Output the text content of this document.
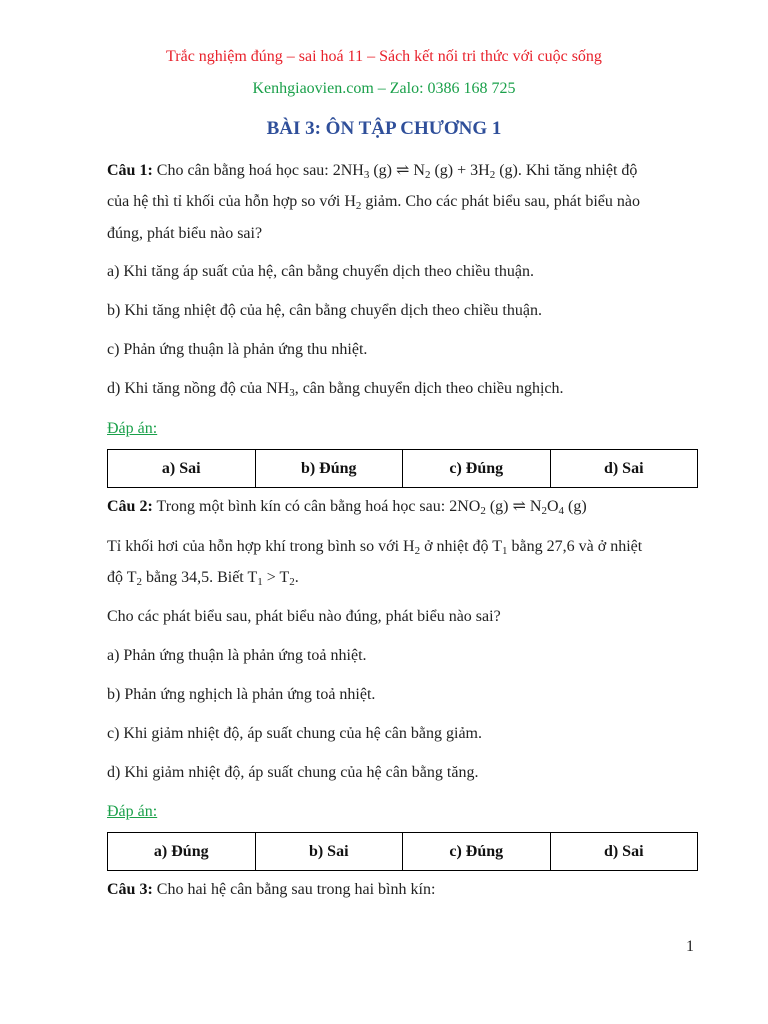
Trắc nghiệm đúng – sai hoá 11 – Sách kết nối tri thức với cuộc sống
Kenhgiaovien.com – Zalo: 0386 168 725
BÀI 3: ÔN TẬP CHƯƠNG 1
Câu 1: Cho cân bằng hoá học sau: $2NH_3$ (g) ⇌ $N_2$ $(g) + 3H_2$ (g). Khi tăng nhiệt độ
của hệ thì tỉ khối của hỗn hợp so với $H_2$ giảm. Cho các phát biểu sau, phát biểu nào
đúng, phát biểu nào sai?
a) Khi tăng áp suất của hệ, cân bằng chuyển dịch theo chiều thuận.
b) Khi tăng nhiệt độ của hệ, cân bằng chuyển dịch theo chiều thuận.
c) Phản ứng thuận là phản ứng thu nhiệt.
d) Khi tăng nồng độ của $NH_3$, cân bằng chuyển dịch theo chiều nghịch.
Đáp án:
a) Sai	b) Đúng	c) Đúng	d) Sai
Câu 2: Trong một bình kín có cân bằng hoá học sau: $2NO_2$ (g) ⇌ $N_2O_4$ (g)
Tỉ khối hơi của hỗn hợp khí trong bình so với $H_2$ ở nhiệt độ $T_1$ bằng 27,6 và ở nhiệt
độ $T_2$ bằng 34,5. Biết $T_1 > T_2$.
Cho các phát biểu sau, phát biểu nào đúng, phát biểu nào sai?
a) Phản ứng thuận là phản ứng toả nhiệt.
b) Phản ứng nghịch là phản ứng toả nhiệt.
c) Khi giảm nhiệt độ, áp suất chung của hệ cân bằng giảm.
d) Khi giảm nhiệt độ, áp suất chung của hệ cân bằng tăng.
Đáp án:
a) Đúng	b) Sai	c) Đúng	d) Sai
Câu 3: Cho hai hệ cân bằng sau trong hai bình kín:
1
